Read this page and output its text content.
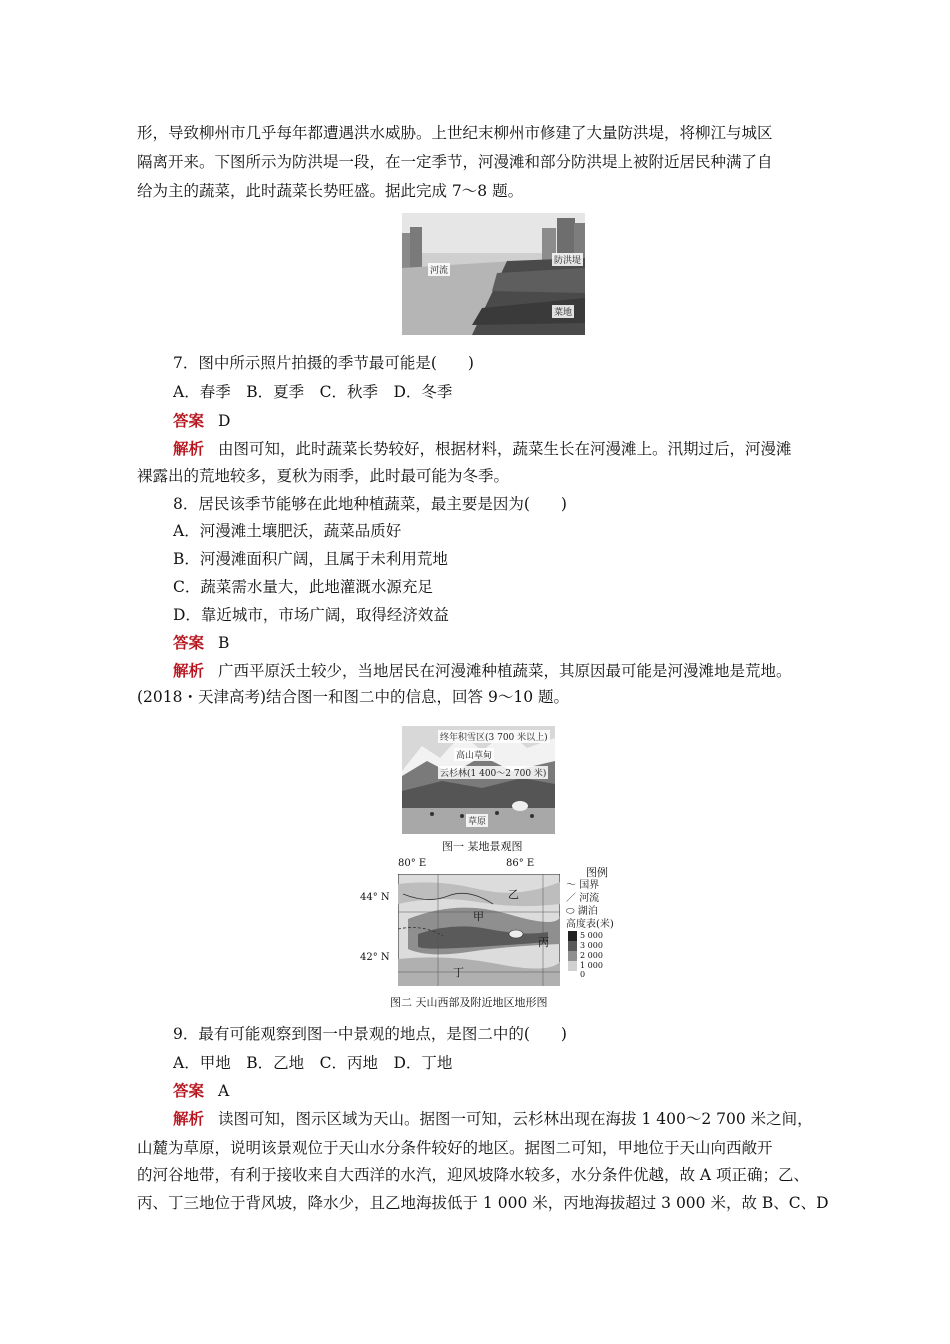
形，导致柳州市几乎每年都遭遇洪水威胁。上世纪末柳州市修建了大量防洪堤，将柳江与城区
隔离开来。下图所示为防洪堤一段，在一定季节，河漫滩和部分防洪堤上被附近居民种满了自
给为主的蔬菜，此时蔬菜长势旺盛。据此完成 7～8 题。
河流
防洪堤
菜地
7．图中所示照片拍摄的季节最可能是(　　)
A．春季　B．夏季　C．秋季　D．冬季
答案 D
解析 由图可知，此时蔬菜长势较好，根据材料，蔬菜生长在河漫滩上。汛期过后，河漫滩
裸露出的荒地较多，夏秋为雨季，此时最可能为冬季。
8．居民该季节能够在此地种植蔬菜，最主要是因为(　　)
A．河漫滩土壤肥沃，蔬菜品质好
B．河漫滩面积广阔，且属于未利用荒地
C．蔬菜需水量大，此地灌溉水源充足
D．靠近城市，市场广阔，取得经济效益
答案 B
解析 广西平原沃土较少，当地居民在河漫滩种植蔬菜，其原因最可能是河漫滩地是荒地。
(2018・天津高考)结合图一和图二中的信息，回答 9～10 题。
终年积雪区(3 700 米以上)
高山草甸
云杉林(1 400～2 700 米)
草原
图一 某地景观图
80° E	86° E
44° N
42° N
甲
乙
丙
丁
图例
～ 国界
／ 河流
⬭ 湖泊
高度表(米)
5 000
3 000
2 000
1 000
0
图二 天山西部及附近地区地形图
9．最有可能观察到图一中景观的地点，是图二中的(　　)
A．甲地　B．乙地　C．丙地　D．丁地
答案 A
解析 读图可知，图示区域为天山。据图一可知，云杉林出现在海拔 1 400～2 700 米之间，
山麓为草原，说明该景观位于天山水分条件较好的地区。据图二可知，甲地位于天山向西敞开
的河谷地带，有利于接收来自大西洋的水汽，迎风坡降水较多，水分条件优越，故 A 项正确；乙、
丙、丁三地位于背风坡，降水少，且乙地海拔低于 1 000 米，丙地海拔超过 3 000 米，故 B、C、D
